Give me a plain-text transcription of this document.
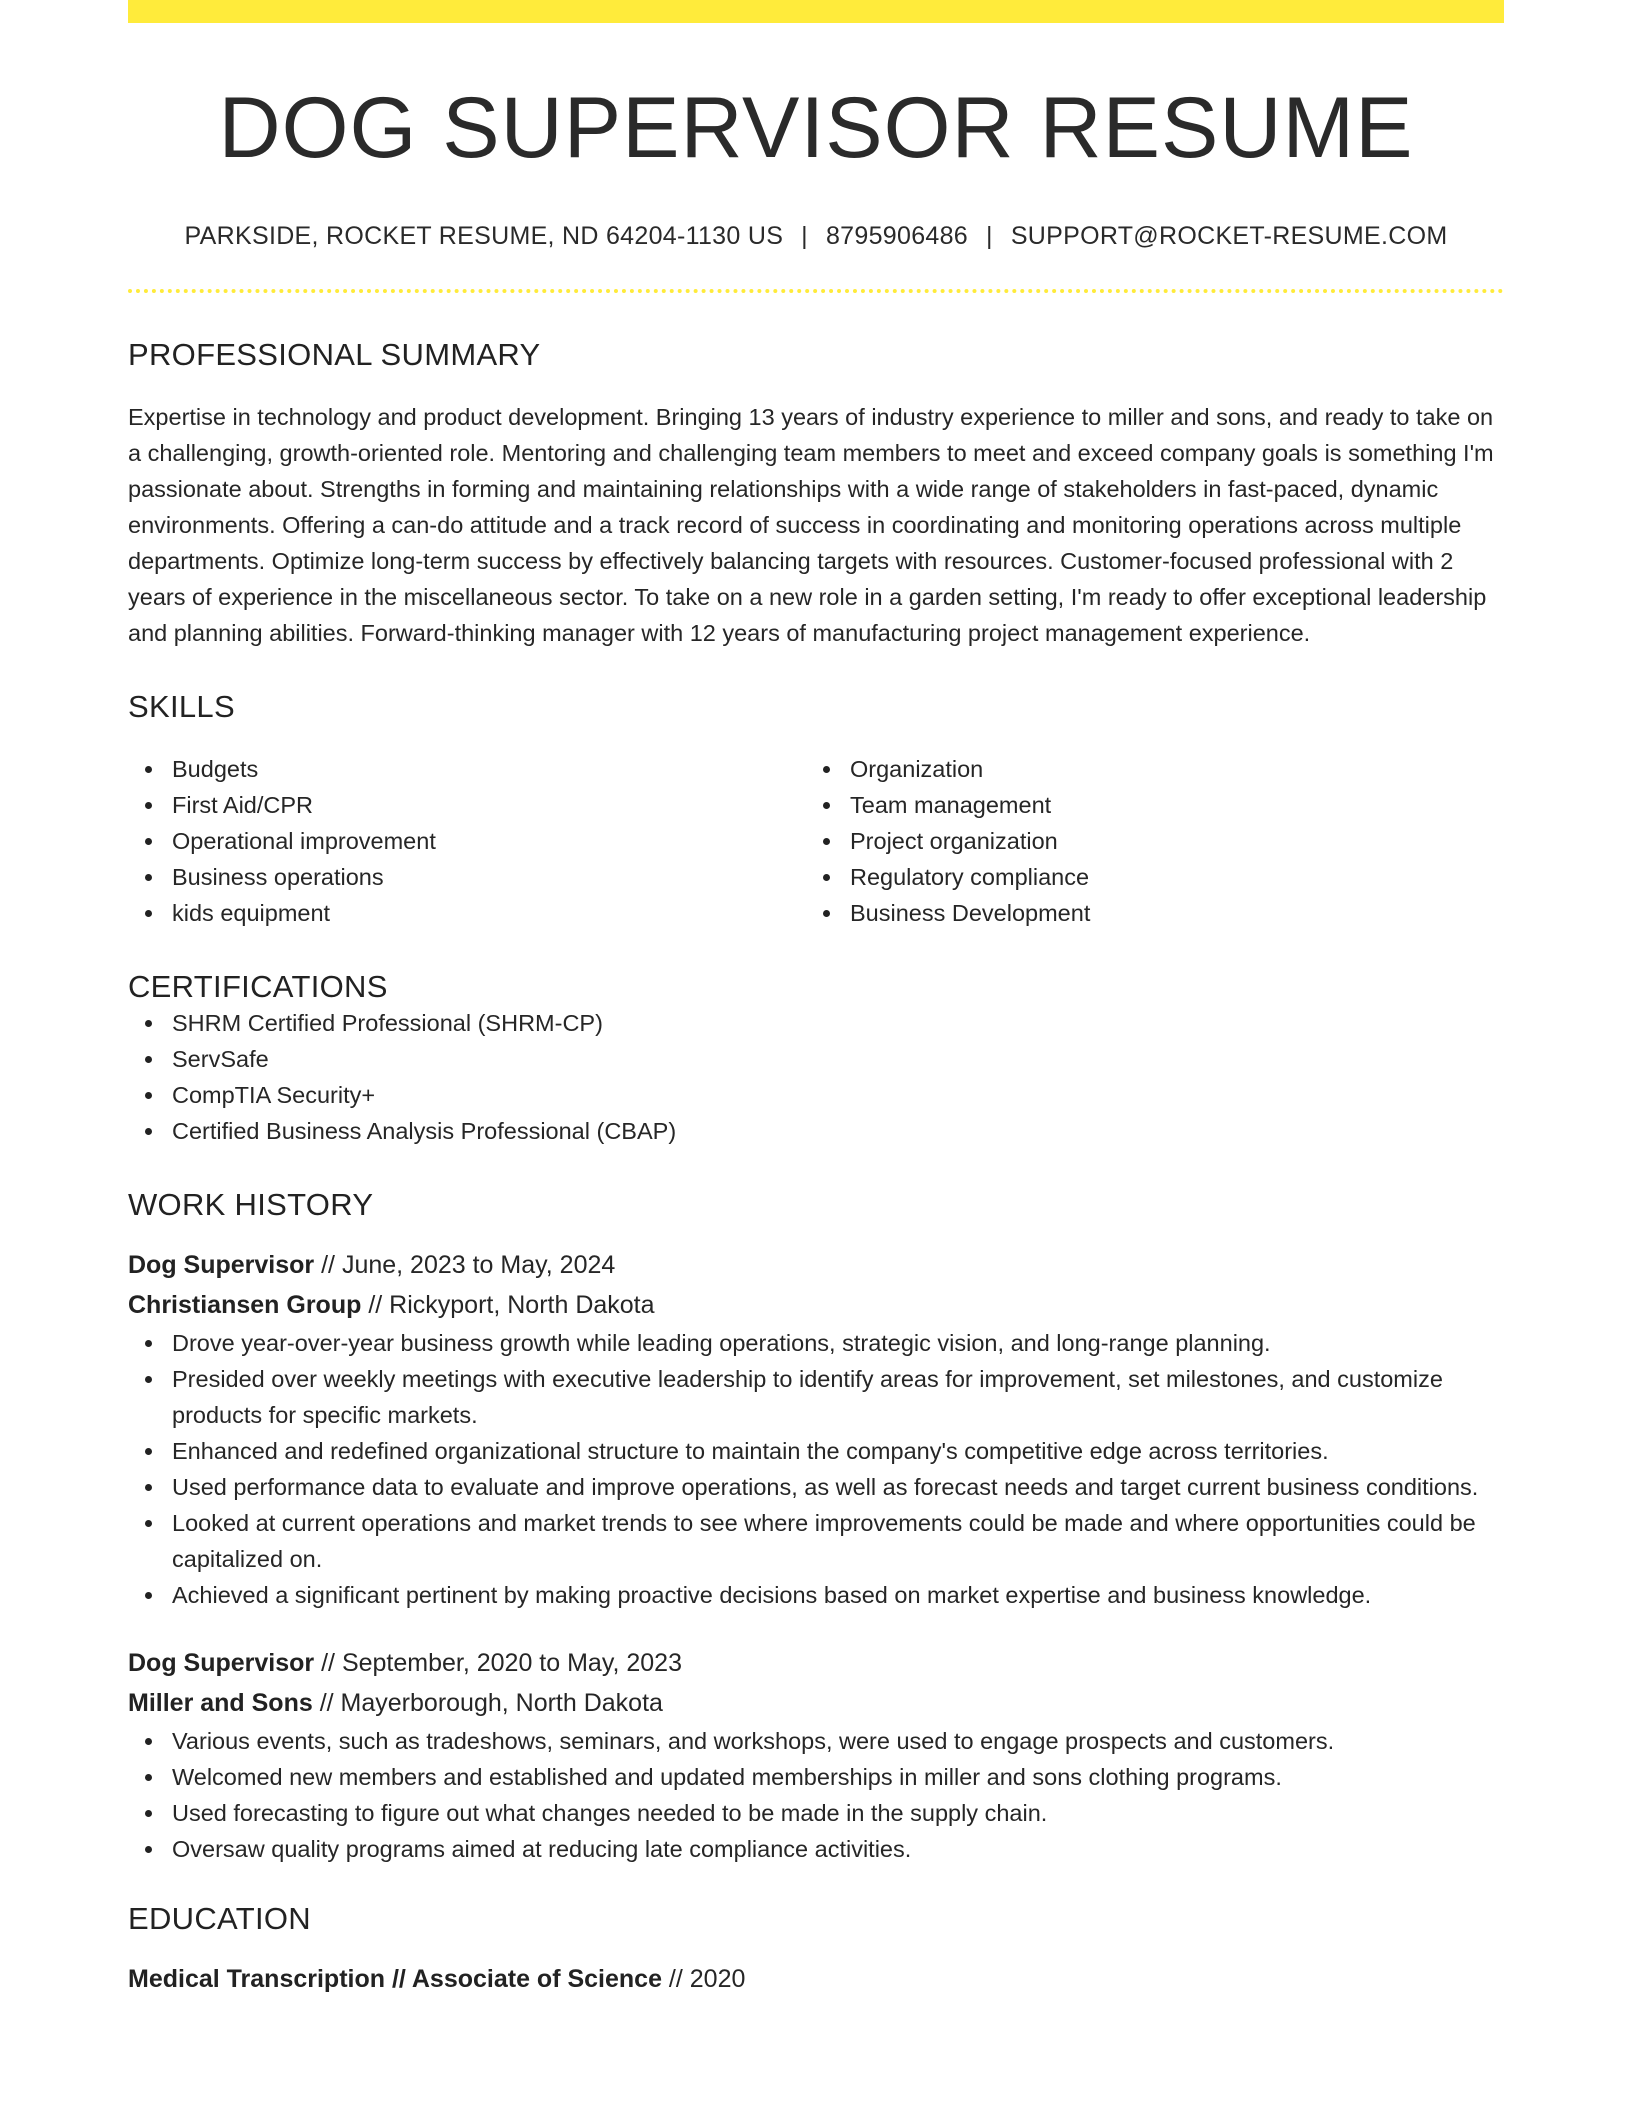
DOG SUPERVISOR RESUME
PARKSIDE, ROCKET RESUME, ND 64204-1130 US | 8795906486 | SUPPORT@ROCKET-RESUME.COM
PROFESSIONAL SUMMARY

Expertise in technology and product development. Bringing 13 years of industry experience to miller and sons, and ready to take on a challenging, growth-oriented role. Mentoring and challenging team members to meet and exceed company goals is something I'm passionate about. Strengths in forming and maintaining relationships with a wide range of stakeholders in fast-paced, dynamic environments. Offering a can-do attitude and a track record of success in coordinating and monitoring operations across multiple departments. Optimize long-term success by effectively balancing targets with resources. Customer-focused professional with 2 years of experience in the miscellaneous sector. To take on a new role in a garden setting, I'm ready to offer exceptional leadership and planning abilities. Forward-thinking manager with 12 years of manufacturing project management experience.

SKILLS
Budgets
First Aid/CPR
Operational improvement
Business operations
kids equipment
Organization
Team management
Project organization
Regulatory compliance
Business Development
CERTIFICATIONS
SHRM Certified Professional (SHRM-CP)
ServSafe
CompTIA Security+
Certified Business Analysis Professional (CBAP)
WORK HISTORY
Dog Supervisor // June, 2023 to May, 2024
Christiansen Group // Rickyport, North Dakota
Drove year-over-year business growth while leading operations, strategic vision, and long-range planning.
Presided over weekly meetings with executive leadership to identify areas for improvement, set milestones, and customize products for specific markets.
Enhanced and redefined organizational structure to maintain the company's competitive edge across territories.
Used performance data to evaluate and improve operations, as well as forecast needs and target current business conditions.
Looked at current operations and market trends to see where improvements could be made and where opportunities could be capitalized on.
Achieved a significant pertinent by making proactive decisions based on market expertise and business knowledge.
Dog Supervisor // September, 2020 to May, 2023
Miller and Sons // Mayerborough, North Dakota
Various events, such as tradeshows, seminars, and workshops, were used to engage prospects and customers.
Welcomed new members and established and updated memberships in miller and sons clothing programs.
Used forecasting to figure out what changes needed to be made in the supply chain.
Oversaw quality programs aimed at reducing late compliance activities.
EDUCATION
Medical Transcription // Associate of Science // 2020
